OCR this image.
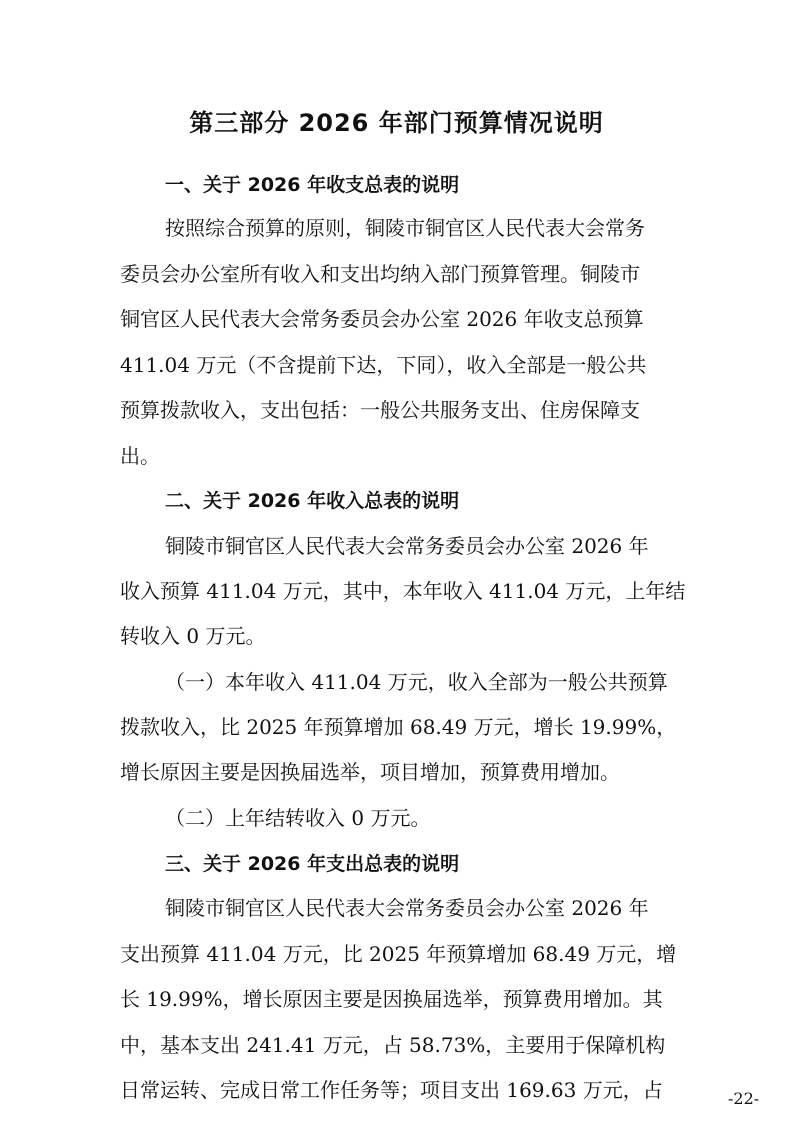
第三部分 2026 年部门预算情况说明
一、关于 2026 年收支总表的说明
按照综合预算的原则，铜陵市铜官区人民代表大会常务
委员会办公室所有收入和支出均纳入部门预算管理。铜陵市
铜官区人民代表大会常务委员会办公室 2026 年收支总预算
411.04 万元（不含提前下达，下同），收入全部是一般公共
预算拨款收入，支出包括：一般公共服务支出、住房保障支
出。
二、关于 2026 年收入总表的说明
铜陵市铜官区人民代表大会常务委员会办公室 2026 年
收入预算 411.04 万元，其中，本年收入 411.04 万元，上年结
转收入 0 万元。
（一）本年收入 411.04 万元，收入全部为一般公共预算
拨款收入，比 2025 年预算增加 68.49 万元，增长 19.99%，
增长原因主要是因换届选举，项目增加，预算费用增加。
（二）上年结转收入 0 万元。
三、关于 2026 年支出总表的说明
铜陵市铜官区人民代表大会常务委员会办公室 2026 年
支出预算 411.04 万元，比 2025 年预算增加 68.49 万元，增
长 19.99%，增长原因主要是因换届选举，预算费用增加。其
中，基本支出 241.41 万元，占 58.73%，主要用于保障机构
日常运转、完成日常工作任务等；项目支出 169.63 万元，占	-22-
